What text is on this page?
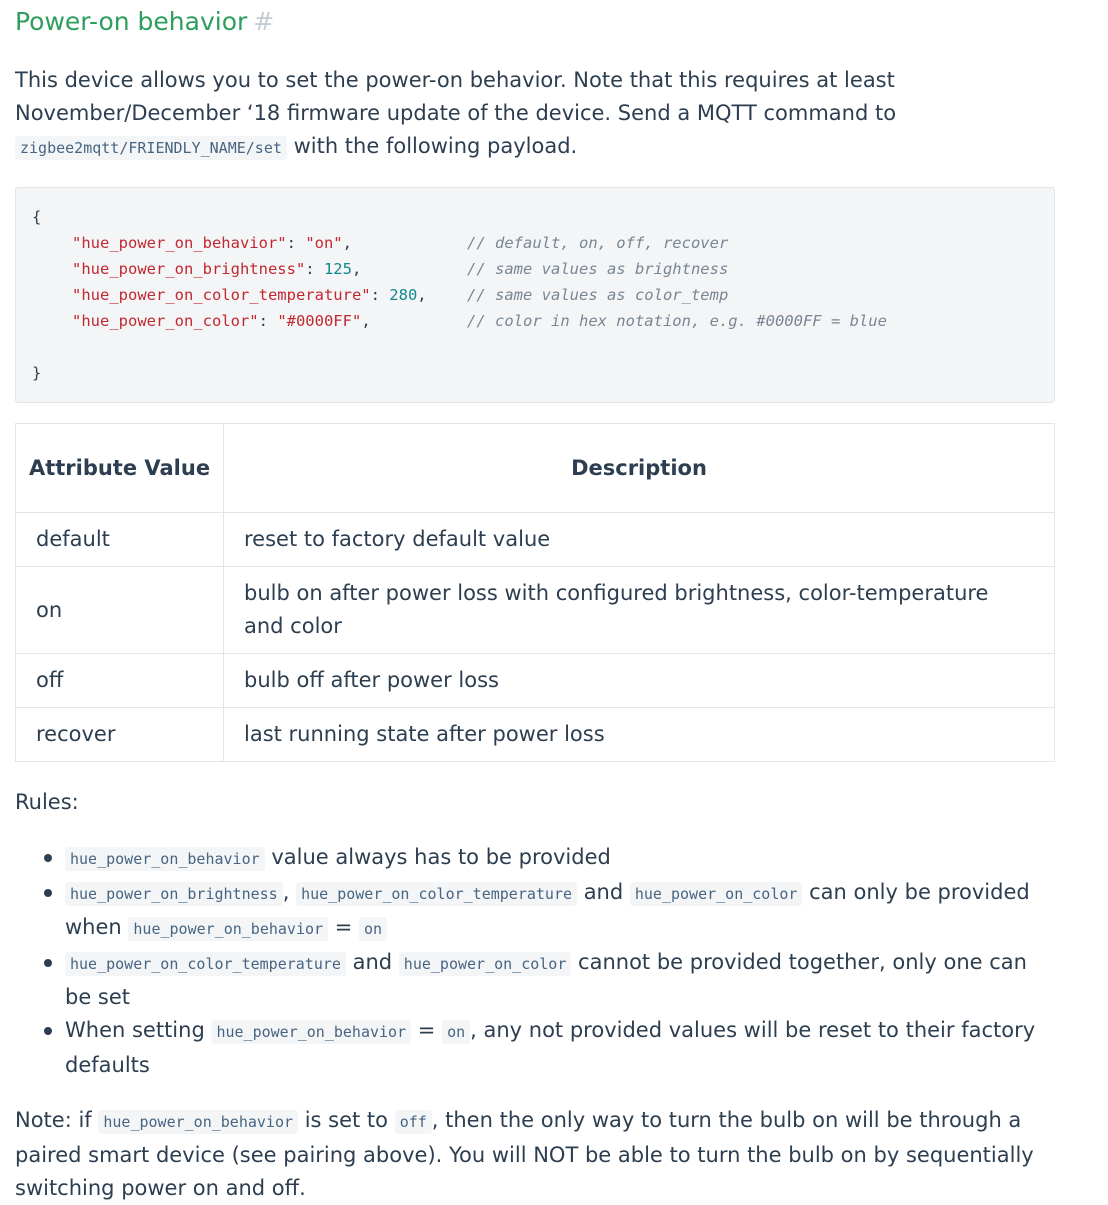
Power-on behavior #

This device allows you to set the power-on behavior. Note that this requires at least November/December ‘18 firmware update of the device. Send a MQTT command to zigbee2mqtt/FRIENDLY_NAME/set with the following payload.

{
"hue_power_on_behavior": "on",	// default, on, off, recover
"hue_power_on_brightness": 125,	// same values as brightness
"hue_power_on_color_temperature": 280,	// same values as color_temp
"hue_power_on_color": "#0000FF",	// color in hex notation, e.g. #0000FF = blue
}
Attribute Value	Description
default	reset to factory default value
on	bulb on after power loss with configured brightness, color-temperature and color
off	bulb off after power loss
recover	last running state after power loss

Rules:

hue_power_on_behavior value always has to be provided
hue_power_on_brightness , hue_power_on_color_temperature and hue_power_on_color can only be provided when hue_power_on_behavior = on
hue_power_on_color_temperature and hue_power_on_color cannot be provided together, only one can be set
When setting hue_power_on_behavior = on , any not provided values will be reset to their factory defaults

Note: if hue_power_on_behavior is set to off , then the only way to turn the bulb on will be through a paired smart device (see pairing above). You will NOT be able to turn the bulb on by sequentially switching power on and off.
